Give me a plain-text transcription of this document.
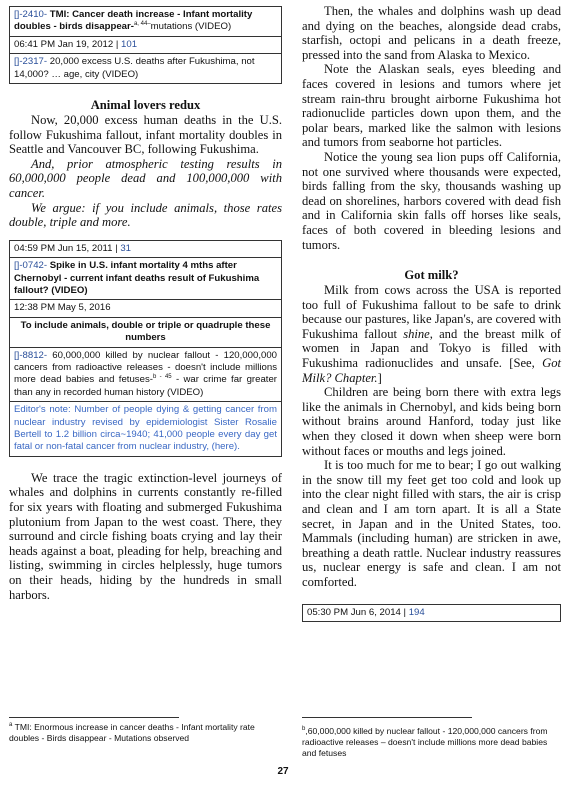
[]-2410- TMI: Cancer death increase - Infant mortality doubles - birds disappear-$^{a, 44-}$mutations (VIDEO)
06:41 PM Jan 19, 2012 | 101
[]-2317- 20,000 excess U.S. deaths after Fukushima, not 14,000? … age, city (VIDEO)
Animal lovers redux

Now, 20,000 excess human deaths in the U.S. follow Fukushima fallout, infant mortality doubles in Seattle and Vancouver BC, following Fukushima.

And, prior atmospheric testing results in 60,000,000 people dead and 100,000,000 with cancer.

We argue: if you include animals, those rates double, triple and more.

04:59 PM Jun 15, 2011 | 31
[]-0742- Spike in U.S. infant mortality 4 mths after Chernobyl - current infant deaths result of Fukushima fallout? (VIDEO)
12:38 PM May 5, 2016
To include animals, double or triple or quadruple these numbers
[]-8812- 60,000,000 killed by nuclear fallout - 120,000,000 cancers from radioactive releases - doesn't include millions more dead babies and fetuses-$^b$ $^{- 45}$ - war crime far greater than any in recorded human history (VIDEO)
Editor's note: Number of people dying & getting cancer from nuclear industry revised by epidemiologist Sister Rosalie Bertell to 1.2 billion circa~1940; 41,000 people every day get fatal or non-fatal cancer from nuclear industry, (here).

We trace the tragic extinction-level journeys of whales and dolphins in currents constantly re-filled for six years with floating and submerged Fukushima plutonium from Japan to the west coast. There, they surround and circle fishing boats crying and lay their heads against a boat, pleading for help, breaching and listing, swimming in circles helplessly, huge tumors on their heads, hiding by the hundreds in small harbors.

Then, the whales and dolphins wash up dead and dying on the beaches, alongside dead crabs, starfish, octopi and pelicans in a death freeze, pressed into the sand from Alaska to Mexico.

Note the Alaskan seals, eyes bleeding and faces covered in lesions and tumors where jet stream rain-thru brought airborne Fukushima hot radionuclide particles down upon them, and the polar bears, marked like the salmon with lesions and tumors from seaborne hot particles.

Notice the young sea lion pups off California, not one survived where thousands were expected, birds falling from the sky, thousands washing up dead on shorelines, harbors covered with dead fish and in California skin falls off horses like seals, faces of both covered in bleeding lesions and tumors.

Got milk?

Milk from cows across the USA is reported too full of Fukushima fallout to be safe to drink because our pastures, like Japan's, are covered with Fukushima fallout shine, and the breast milk of women in Japan and Tokyo is filled with Fukushima radionuclides and unsafe. [See, Got Milk? Chapter.]

Children are being born there with extra legs like the animals in Chernobyl, and kids being born without brains around Hanford, today just like when they closed it down when sheep were born without faces or mouths and legs joined.

It is too much for me to bear; I go out walking in the snow till my feet get too cold and look up into the clear night filled with stars, the air is crisp and clean and I am torn apart. It is all a State secret, in Japan and in the United States, too. Mammals (including human) are stricken in awe, breathing a death rattle. Nuclear industry reassures us, nuclear energy is safe and clean. I am not comforted.

05:30 PM Jun 6, 2014 | 194
$^a$ TMI: Enormous increase in cancer deaths - Infant mortality rate doubles - Birds disappear - Mutations observed
$^b$,60,000,000 killed by nuclear fallout - 120,000,000 cancers from radioactive releases – doesn't include millions more dead babies and fetuses
27
